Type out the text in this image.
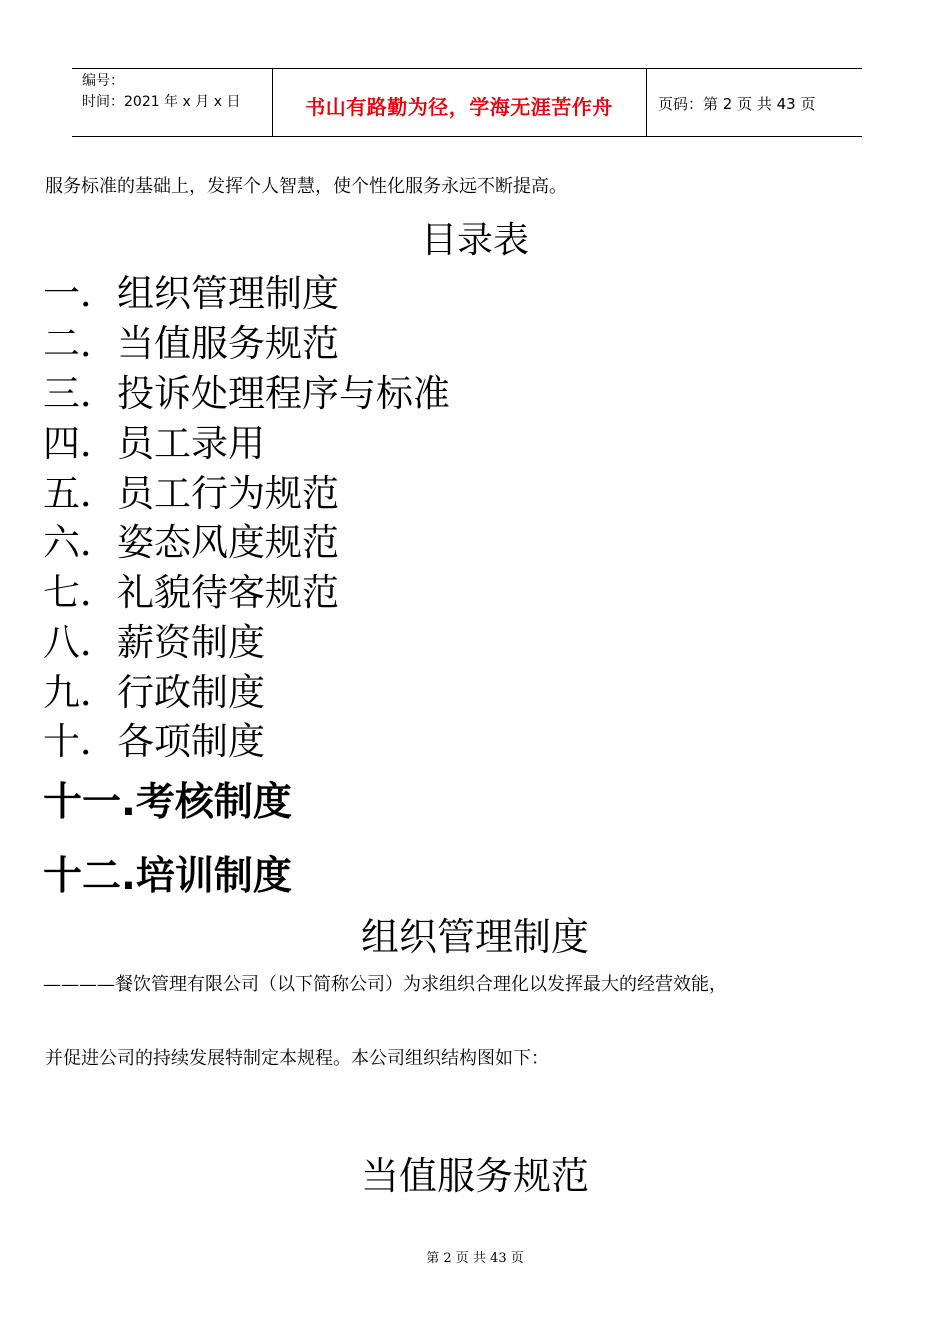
编号：
时间：2021 年 x 月 x 日	书山有路勤为径，学海无涯苦作舟	页码：第 2 页 共 43 页
服务标准的基础上，发挥个人智慧，使个性化服务永远不断提高。
目录表
一．组织管理制度
二．当值服务规范
三．投诉处理程序与标准
四．员工录用
五．员工行为规范
六．姿态风度规范
七．礼貌待客规范
八．薪资制度
九．行政制度
十．各项制度
十一.考核制度
十二.培训制度
组织管理制度
————餐饮管理有限公司（以下简称公司）为求组织合理化以发挥最大的经营效能，
并促进公司的持续发展特制定本规程。本公司组织结构图如下：
当值服务规范
第 2 页 共 43 页
